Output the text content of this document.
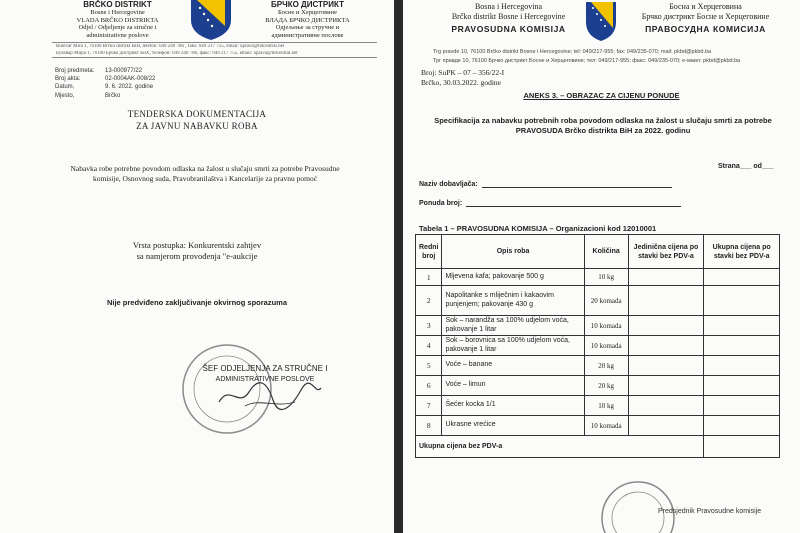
BRČKO DISTRIKT
Bosne i Hercegovine
VLADA BRČKO DISTRIKTA
Odjel / Odjeljenje za stručne i
administrativne poslove
БРЧКО ДИСТРИКТ
Босне и Херцеговине
ВЛАДА БРЧКО ДИСТРИКТА
Одјељење за стручне и
административне послове
Bulevar Mira 1, 76100 Brčko distrikt BiH, telefon: 049 240 786 , faks: 049 217 755, email: uprava@bdcentral.net
Булевар Мира 1, 76100 Брчко дистрикт БиХ, телефон: 049 240 786, факс: 049 217 755, email: uprava@bdcentral.net
Broj predmeta:	13-000977/22
Broj akta:	02-0004AK-008/22
Datum,	9. 6. 2022. godine
Mjesto,	Brčko
TENDERSKA DOKUMENTACIJA
ZA JAVNU NABAVKU ROBA
Nabavka robe potrebne povodom odlaska na žalost u slučaju smrti za potrebe Pravosudne komisije, Osnovnog suda, Pravobranilaštva i Kancelarije za pravnu pomoć
Vrsta postupka: Konkurentski zahtjev
sa namjerom provođenja "e-aukcije
Nije predviđeno zaključivanje okvirnog sporazuma
ŠEF ODJELJENJA ZA STRUČNE I
ADMINISTRATIVNE POSLOVE
Bosna i Hercegovina
Brčko distrikt Bosne i Hercegovine
PRAVOSUDNA KOMISIJA
Босна и Херцеговина
Брчко дистрикт Босне и Херцеговине
ПРАВОСУДНА КОМИСИЈА
Trg pravde 10, 76100 Brčko distrikt Bosne i Hercegovine; tel: 049/217-955; fax: 049/235-070; mail: pkbd@pkbd.ba
Трг правде 10, 76100 Брчко дистрикт Босне и Херцеговине; тел: 049/217-955; факс: 049/235-070; е-маил: pkbd@pkbd.ba
Broj: SuPK – 07 – 356/22-I
Brčko, 30.03.2022. godine
ANEKS 3. – OBRAZAC ZA CIJENU PONUDE
Specifikacija za nabavku potrebnih roba povodom odlaska na žalost u slučaju smrti za potrebe
PRAVOSUDA Brčko distrikta BiH za 2022. godinu
Strana___ od___
Naziv dobavljača:
Ponuda broj:
Tabela 1 – PRAVOSUDNA KOMISIJA – Organizacioni kod 12010001
Redni broj	Opis roba	Količina	Jedinična cijena po stavki bez PDV-a	Ukupna cijena po stavki bez PDV-a
1	Mljevena kafa; pakovanje 500 g	10 kg		
2	Napolitanke s mliječnim i kakaovim punjenjem; pakovanje 430 g	20 komada		
3	Sok – narandža sa 100% udjelom voća, pakovanje 1 litar	10 komada		
4	Sok – borovnica sa 100% udjelom voća, pakovanje 1 litar	10 komada		
5	Voće – banane	20 kg		
6	Voće – limun	20 kg		
7	Šećer kocka 1/1	10 kg		
8	Ukrasne vrećice	10 komada		
Ukupna cijena bez PDV-a				
Predsjednik Pravosudne komisije
